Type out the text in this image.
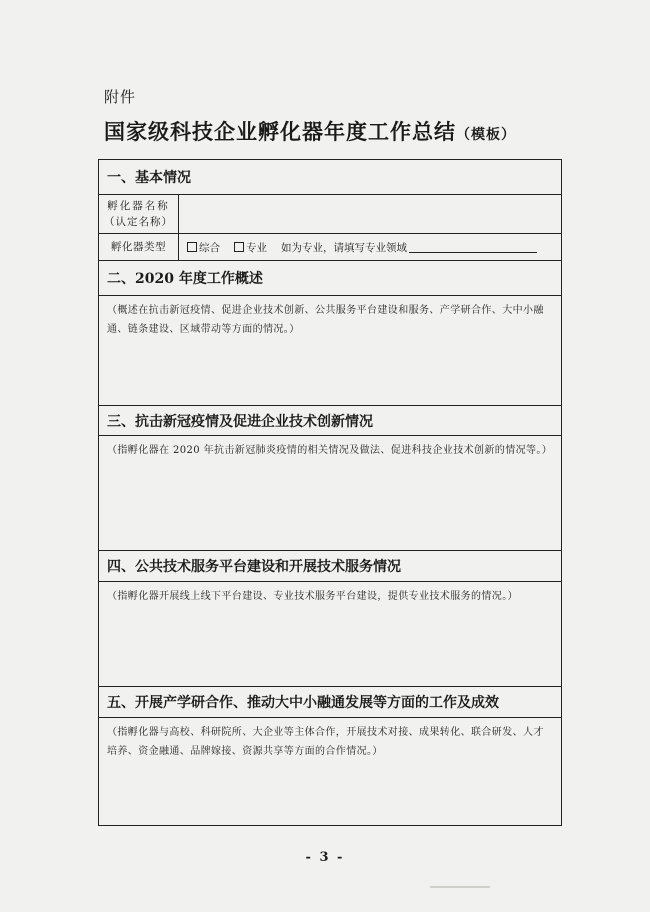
附件
国家级科技企业孵化器年度工作总结（模板）
一、基本情况
孵化器名称
（认定名称）
孵化器类型	综合 专业 如为专业，请填写专业领域
二、2020 年度工作概述
（概述在抗击新冠疫情、促进企业技术创新、公共服务平台建设和服务、产学研合作、大中小融通、链条建设、区域带动等方面的情况。）
三、抗击新冠疫情及促进企业技术创新情况
（指孵化器在 2020 年抗击新冠肺炎疫情的相关情况及做法、促进科技企业技术创新的情况等。）
四、公共技术服务平台建设和开展技术服务情况
（指孵化器开展线上线下平台建设、专业技术服务平台建设，提供专业技术服务的情况。）
五、开展产学研合作、推动大中小融通发展等方面的工作及成效
（指孵化器与高校、科研院所、大企业等主体合作，开展技术对接、成果转化、联合研发、人才培养、资金融通、品牌嫁接、资源共享等方面的合作情况。）
- 3 -
